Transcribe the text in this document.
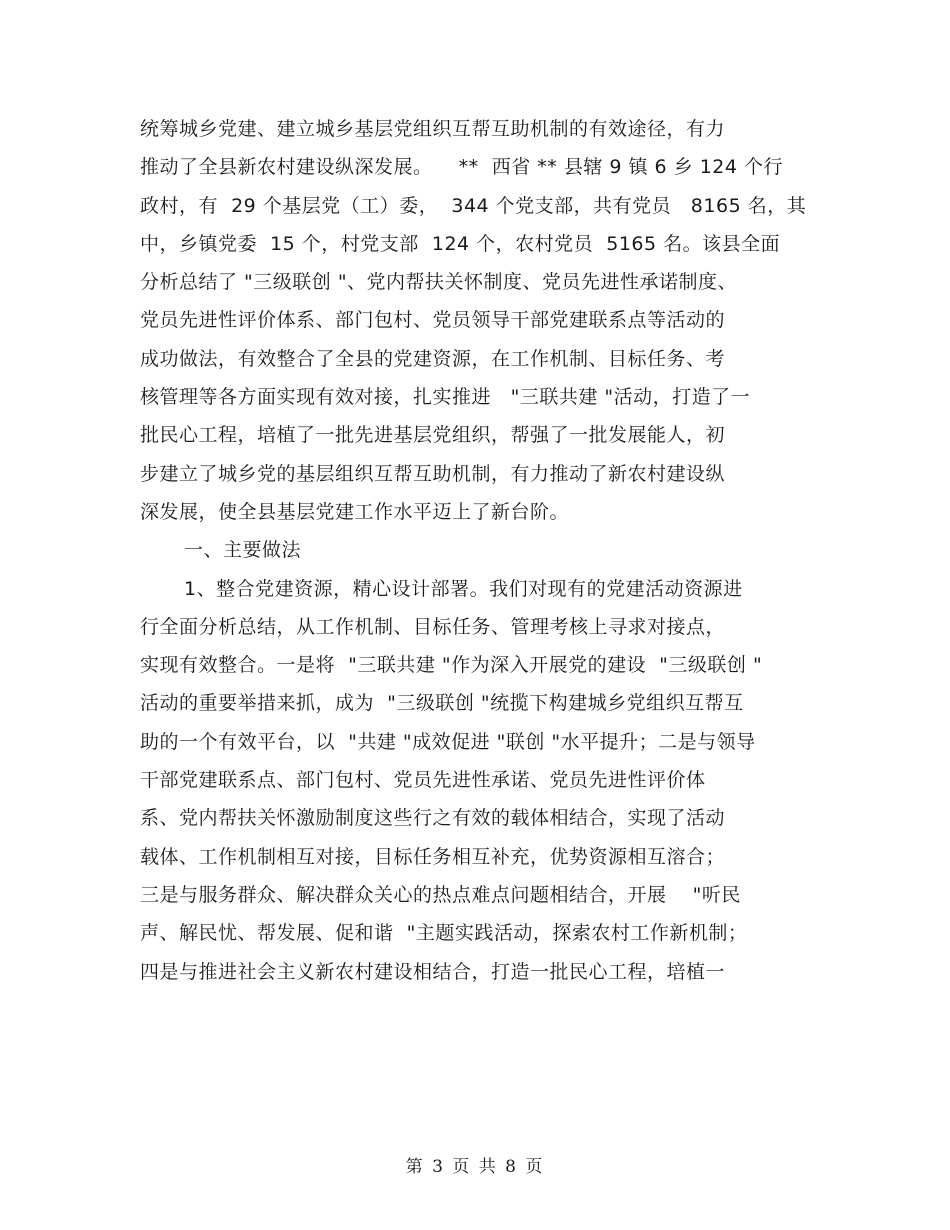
统筹城乡党建、建立城乡基层党组织互帮互助机制的有效途径，有力
推动了全县新农村建设纵深发展。    **  西省 ** 县辖 9 镇 6 乡 124 个行
政村，有  29 个基层党（工）委，  344 个党支部，共有党员   8165 名，其
中，乡镇党委  15 个，村党支部  124 个，农村党员  5165 名。该县全面
分析总结了 "三级联创 "、党内帮扶关怀制度、党员先进性承诺制度、
党员先进性评价体系、部门包村、党员领导干部党建联系点等活动的
成功做法，有效整合了全县的党建资源，在工作机制、目标任务、考
核管理等各方面实现有效对接，扎实推进   "三联共建 "活动，打造了一
批民心工程，培植了一批先进基层党组织，帮强了一批发展能人，初
步建立了城乡党的基层组织互帮互助机制，有力推动了新农村建设纵
深发展，使全县基层党建工作水平迈上了新台阶。
一、主要做法
1、整合党建资源，精心设计部署。我们对现有的党建活动资源进
行全面分析总结，从工作机制、目标任务、管理考核上寻求对接点，
实现有效整合。一是将  "三联共建 "作为深入开展党的建设  "三级联创 "
活动的重要举措来抓，成为  "三级联创 "统揽下构建城乡党组织互帮互
助的一个有效平台，以  "共建 "成效促进 "联创 "水平提升；二是与领导
干部党建联系点、部门包村、党员先进性承诺、党员先进性评价体
系、党内帮扶关怀激励制度这些行之有效的载体相结合，实现了活动
载体、工作机制相互对接，目标任务相互补充，优势资源相互溶合；
三是与服务群众、解决群众关心的热点难点问题相结合，开展    "听民
声、解民忧、帮发展、促和谐  "主题实践活动，探索农村工作新机制；
四是与推进社会主义新农村建设相结合，打造一批民心工程，培植一
第 3 页 共 8 页
